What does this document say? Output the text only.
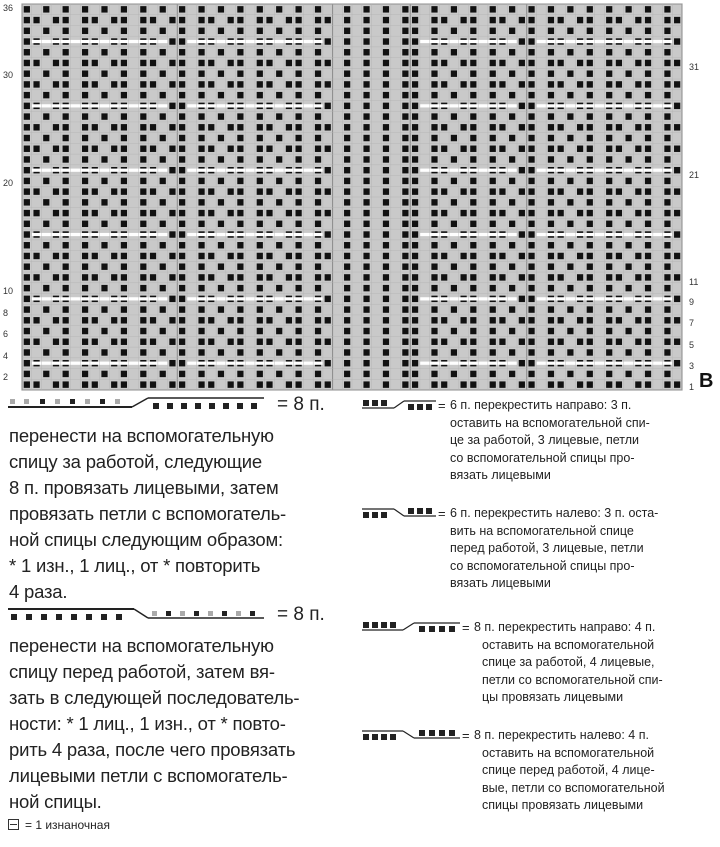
36
30
20
10
8
6
4
2
31
21
11
9
7
5
3
1 В
= 8 п.
перенести на вспомогательную
спицу за работой, следующие
8 п. провязать лицевыми, затем
провязать петли с вспомогатель-
ной спицы следующим образом:
* 1 изн., 1 лиц., от * повторить
4 раза.
= 8 п.
перенести на вспомогательную
спицу перед работой, затем вя-
зать в следующей последователь-
ности: * 1 лиц., 1 изн., от * повто-
рить 4 раза, после чего провязать
лицевыми петли с вспомогатель-
ной спицы.
= 1 изнаночная
= 6 п. перекрестить направо: 3 п.
оставить на вспомогательной спи-
це за работой, 3 лицевые, петли
со вспомогательной спицы про-
вязать лицевыми
= 6 п. перекрестить налево: 3 п. оста-
вить на вспомогательной спице
перед работой, 3 лицевые, петли
со вспомогательной спицы про-
вязать лицевыми
= 8 п. перекрестить направо: 4 п.
оставить на вспомогательной
спице за работой, 4 лицевые,
петли со вспомогательной спи-
цы провязать лицевыми
= 8 п. перекрестить налево: 4 п.
оставить на вспомогательной
спице перед работой, 4 лице-
вые, петли со вспомогательной
спицы провязать лицевыми
